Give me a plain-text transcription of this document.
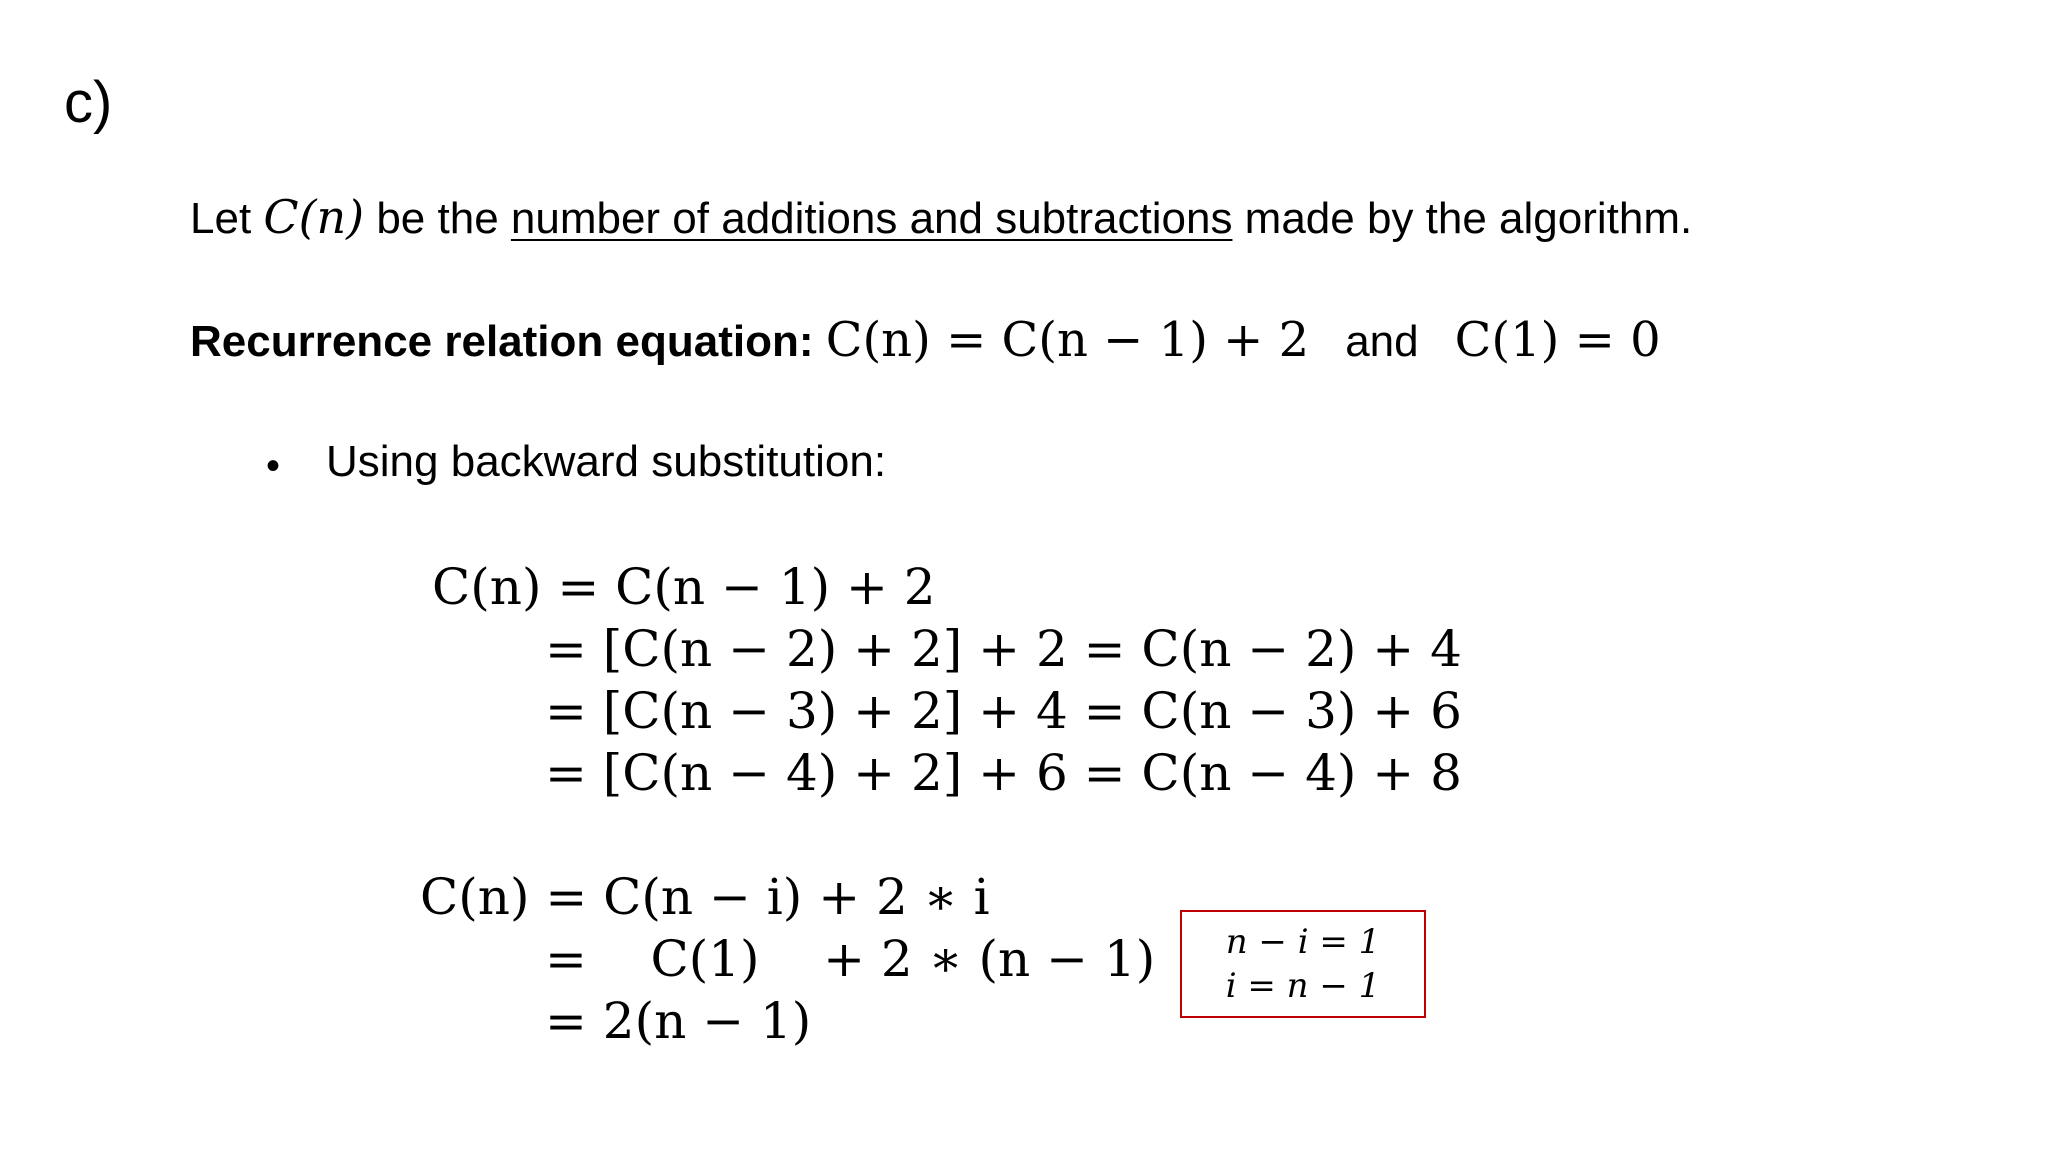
c)
Let C(n) be the number of additions and subtractions made by the algorithm.
Recurrence relation equation: C(n) = C(n − 1) + 2 and C(1) = 0
• Using backward substitution:
C(n) = C(n − 1) + 2
= [C(n − 2) + 2] + 2 = C(n − 2) + 4
= [C(n − 3) + 2] + 4 = C(n − 3) + 6
= [C(n − 4) + 2] + 6 = C(n − 4) + 8
C(n) = C(n − i) + 2 ∗ i
=    C(1)    + 2 ∗ (n − 1)
= 2(n − 1)
n − i = 1
i = n − 1
